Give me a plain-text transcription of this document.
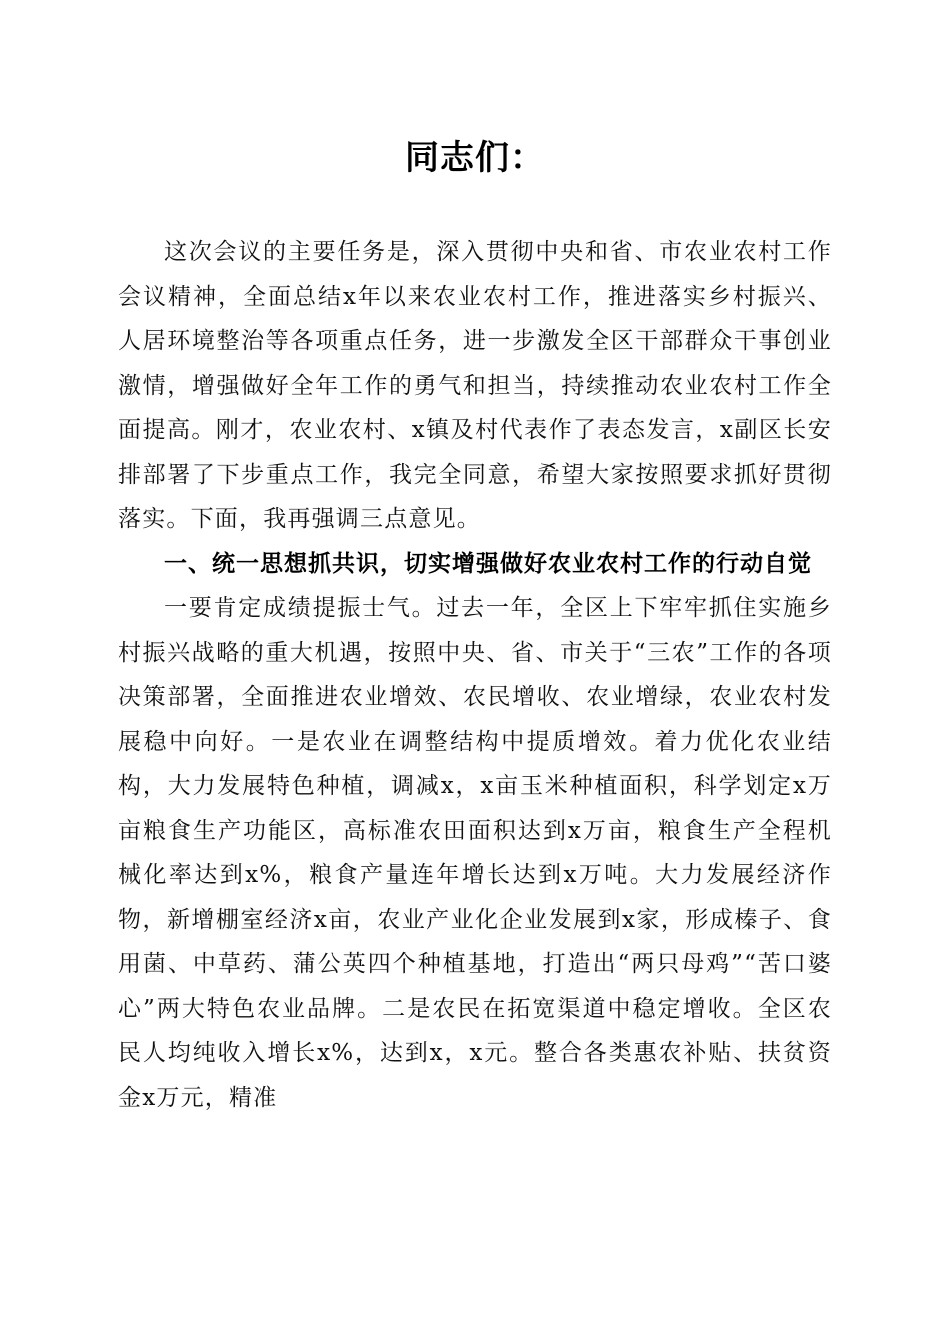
同志们：

这次会议的主要任务是，深入贯彻中央和省、市农业农村工作会议精神，全面总结x年以来农业农村工作，推进落实乡村振兴、人居环境整治等各项重点任务，进一步激发全区干部群众干事创业激情，增强做好全年工作的勇气和担当，持续推动农业农村工作全面提高。刚才，农业农村、x镇及村代表作了表态发言，x副区长安排部署了下步重点工作，我完全同意，希望大家按照要求抓好贯彻落实。下面，我再强调三点意见。

一、统一思想抓共识，切实增强做好农业农村工作的行动自觉

一要肯定成绩提振士气。过去一年，全区上下牢牢抓住实施乡村振兴战略的重大机遇，按照中央、省、市关于“三农”工作的各项决策部署，全面推进农业增效、农民增收、农业增绿，农业农村发展稳中向好。一是农业在调整结构中提质增效。着力优化农业结构，大力发展特色种植，调减x，x亩玉米种植面积，科学划定x万亩粮食生产功能区，高标准农田面积达到x万亩，粮食生产全程机械化率达到x%，粮食产量连年增长达到x万吨。大力发展经济作物，新增棚室经济x亩，农业产业化企业发展到x家，形成榛子、食用菌、中草药、蒲公英四个种植基地，打造出“两只母鸡”“苦口婆心”两大特色农业品牌。二是农民在拓宽渠道中稳定增收。全区农民人均纯收入增长x%，达到x，x元。整合各类惠农补贴、扶贫资金x万元，精准
